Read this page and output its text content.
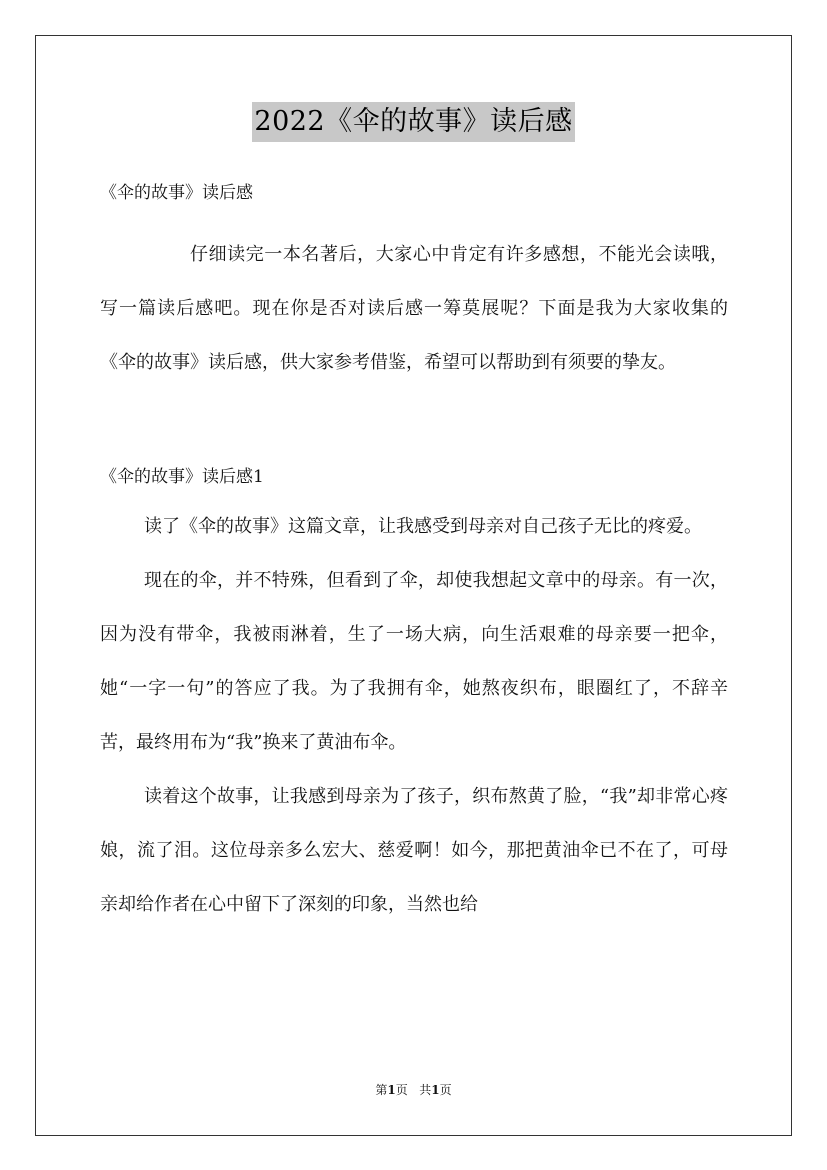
2022《伞的故事》读后感

《伞的故事》读后感

仔细读完一本名著后，大家心中肯定有许多感想，不能光会读哦，写一篇读后感吧。现在你是否对读后感一筹莫展呢？下面是我为大家收集的《伞的故事》读后感，供大家参考借鉴，希望可以帮助到有须要的挚友。

《伞的故事》读后感1

读了《伞的故事》这篇文章，让我感受到母亲对自己孩子无比的疼爱。

现在的伞，并不特殊，但看到了伞，却使我想起文章中的母亲。有一次，因为没有带伞，我被雨淋着，生了一场大病，向生活艰难的母亲要一把伞，她“一字一句”的答应了我。为了我拥有伞，她熬夜织布，眼圈红了，不辞辛苦，最终用布为“我”换来了黄油布伞。

读着这个故事，让我感到母亲为了孩子，织布熬黄了脸，“我”却非常心疼娘，流了泪。这位母亲多么宏大、慈爱啊！如今，那把黄油伞已不在了，可母亲却给作者在心中留下了深刻的印象，当然也给

第1页 共1页
